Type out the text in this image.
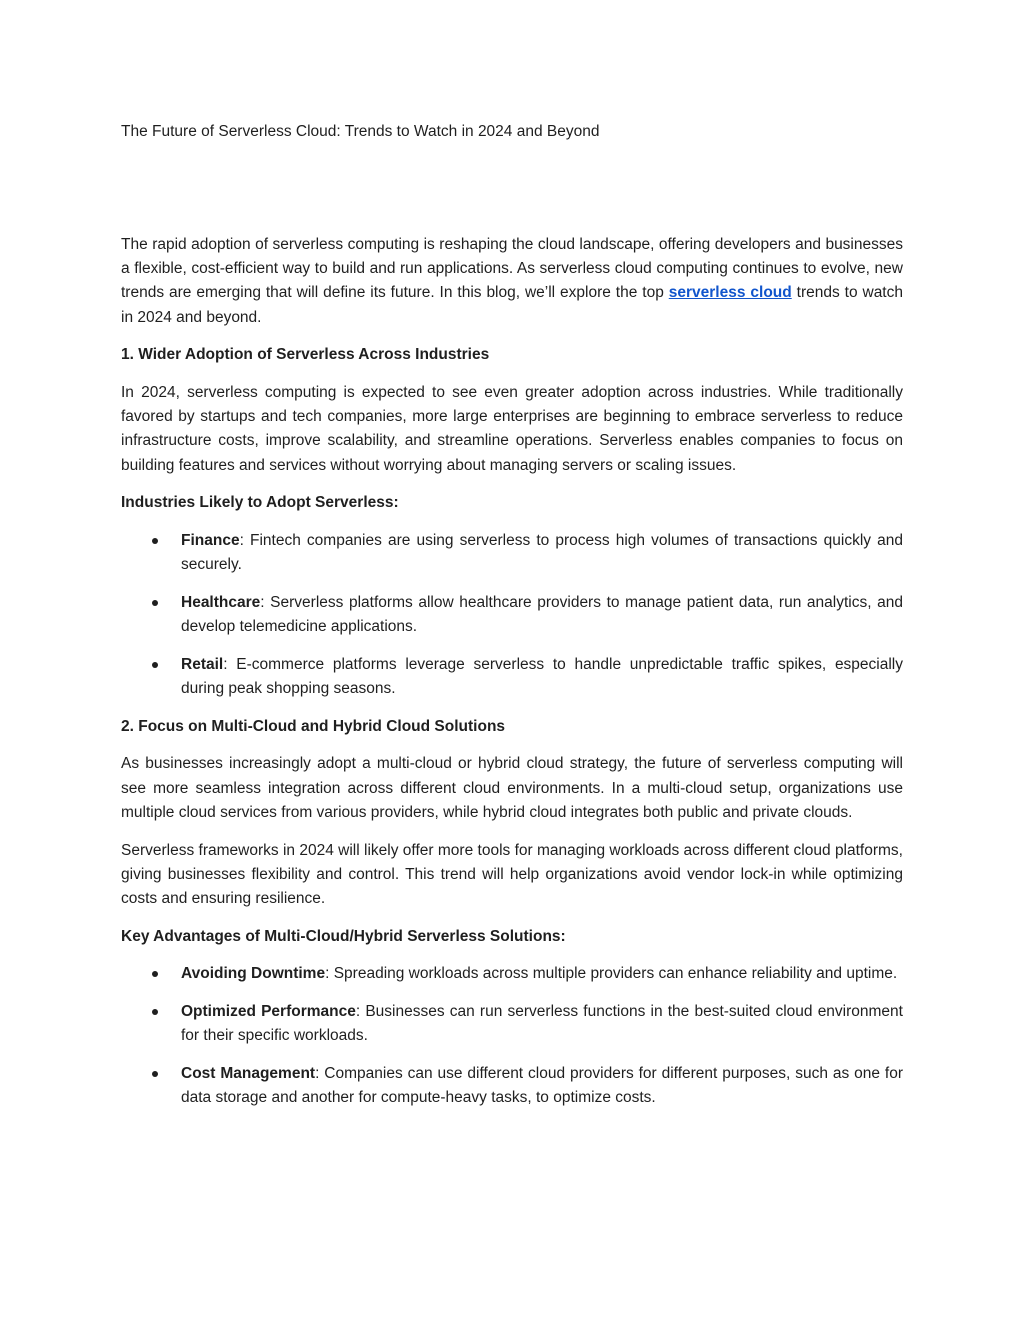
The Future of Serverless Cloud: Trends to Watch in 2024 and Beyond

The rapid adoption of serverless computing is reshaping the cloud landscape, offering developers and businesses a flexible, cost-efficient way to build and run applications. As serverless cloud computing continues to evolve, new trends are emerging that will define its future. In this blog, we’ll explore the top serverless cloud trends to watch in 2024 and beyond.

1. Wider Adoption of Serverless Across Industries

In 2024, serverless computing is expected to see even greater adoption across industries. While traditionally favored by startups and tech companies, more large enterprises are beginning to embrace serverless to reduce infrastructure costs, improve scalability, and streamline operations. Serverless enables companies to focus on building features and services without worrying about managing servers or scaling issues.

Industries Likely to Adopt Serverless:
Finance: Fintech companies are using serverless to process high volumes of transactions quickly and securely.
Healthcare: Serverless platforms allow healthcare providers to manage patient data, run analytics, and develop telemedicine applications.
Retail: E-commerce platforms leverage serverless to handle unpredictable traffic spikes, especially during peak shopping seasons.
2. Focus on Multi-Cloud and Hybrid Cloud Solutions

As businesses increasingly adopt a multi-cloud or hybrid cloud strategy, the future of serverless computing will see more seamless integration across different cloud environments. In a multi-cloud setup, organizations use multiple cloud services from various providers, while hybrid cloud integrates both public and private clouds.

Serverless frameworks in 2024 will likely offer more tools for managing workloads across different cloud platforms, giving businesses flexibility and control. This trend will help organizations avoid vendor lock-in while optimizing costs and ensuring resilience.

Key Advantages of Multi-Cloud/Hybrid Serverless Solutions:
Avoiding Downtime: Spreading workloads across multiple providers can enhance reliability and uptime.
Optimized Performance: Businesses can run serverless functions in the best-suited cloud environment for their specific workloads.
Cost Management: Companies can use different cloud providers for different purposes, such as one for data storage and another for compute-heavy tasks, to optimize costs.
